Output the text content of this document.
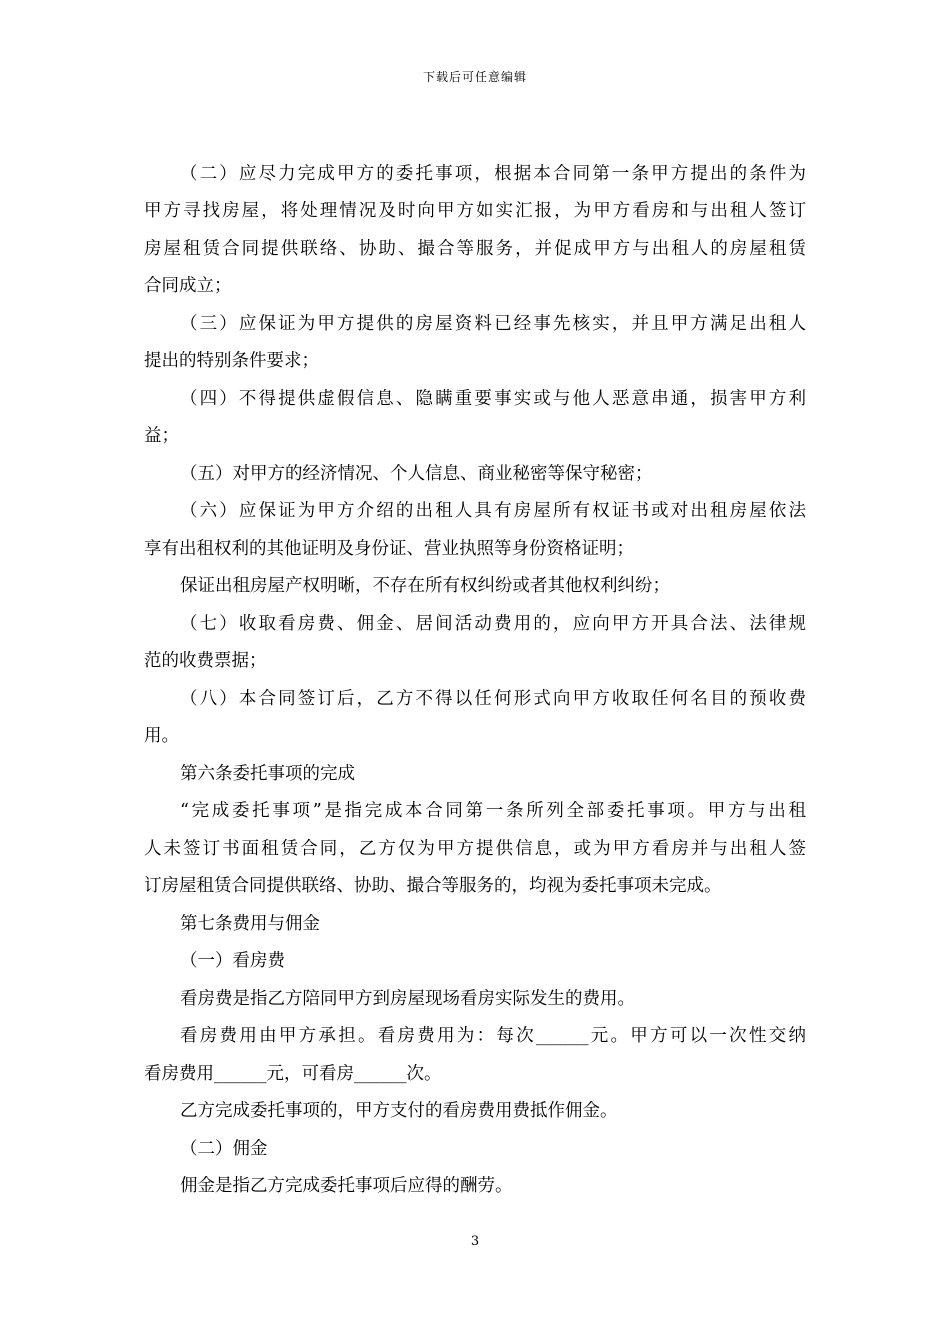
下载后可任意编辑
（二）应尽力完成甲方的委托事项，根据本合同第一条甲方提出的条件为
甲方寻找房屋，将处理情况及时向甲方如实汇报，为甲方看房和与出租人签订
房屋租赁合同提供联络、协助、撮合等服务，并促成甲方与出租人的房屋租赁
合同成立；
（三）应保证为甲方提供的房屋资料已经事先核实，并且甲方满足出租人
提出的特别条件要求；
（四）不得提供虚假信息、隐瞒重要事实或与他人恶意串通，损害甲方利
益；
（五）对甲方的经济情况、个人信息、商业秘密等保守秘密；
（六）应保证为甲方介绍的出租人具有房屋所有权证书或对出租房屋依法
享有出租权利的其他证明及身份证、营业执照等身份资格证明；
保证出租房屋产权明晰，不存在所有权纠纷或者其他权利纠纷；
（七）收取看房费、佣金、居间活动费用的，应向甲方开具合法、法律规
范的收费票据；
（八）本合同签订后，乙方不得以任何形式向甲方收取任何名目的预收费
用。
第六条委托事项的完成
“完成委托事项”是指完成本合同第一条所列全部委托事项。甲方与出租
人未签订书面租赁合同，乙方仅为甲方提供信息，或为甲方看房并与出租人签
订房屋租赁合同提供联络、协助、撮合等服务的，均视为委托事项未完成。
第七条费用与佣金
（一）看房费
看房费是指乙方陪同甲方到房屋现场看房实际发生的费用。
看房费用由甲方承担。看房费用为：每次______元。甲方可以一次性交纳
看房费用______元，可看房______次。
乙方完成委托事项的，甲方支付的看房费用费抵作佣金。
（二）佣金
佣金是指乙方完成委托事项后应得的酬劳。
3
